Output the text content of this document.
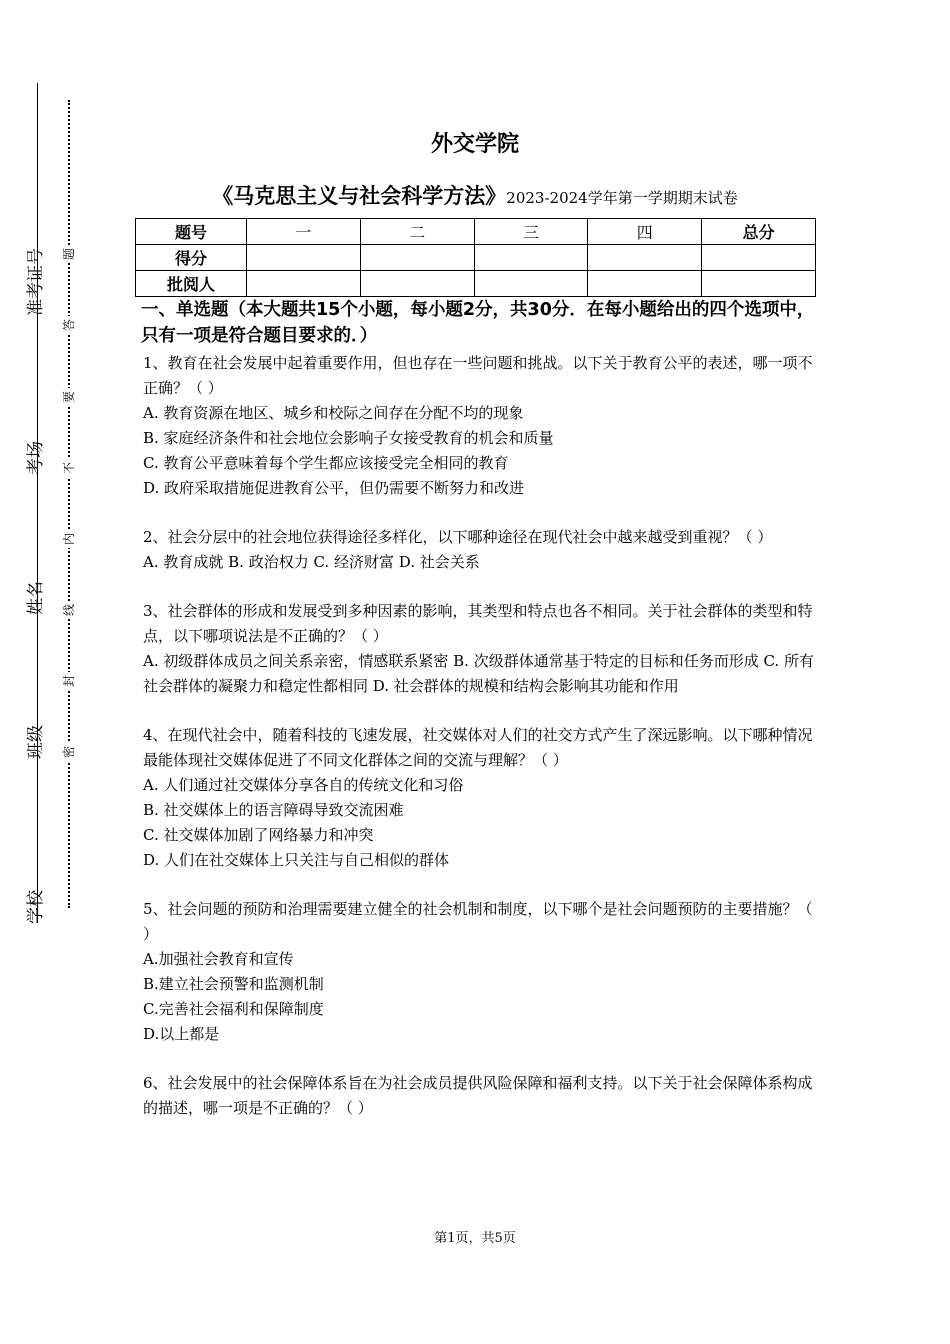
准考证号
考场
姓名
班级
学校
题
答
要
不
内
线
封
密
外交学院
《马克思主义与社会科学方法》2023-2024学年第一学期期末试卷
题号	一	二	三	四	总分
得分					
批阅人					
一、单选题（本大题共15个小题，每小题2分，共30分．在每小题给出的四个选项中，只有一项是符合题目要求的．）

1、教育在社会发展中起着重要作用，但也存在一些问题和挑战。以下关于教育公平的表述，哪一项不正确？（ ）

A. 教育资源在地区、城乡和校际之间存在分配不均的现象

B. 家庭经济条件和社会地位会影响子女接受教育的机会和质量

C. 教育公平意味着每个学生都应该接受完全相同的教育

D. 政府采取措施促进教育公平，但仍需要不断努力和改进

2、社会分层中的社会地位获得途径多样化，以下哪种途径在现代社会中越来越受到重视？（ ）

A. 教育成就 B. 政治权力 C. 经济财富 D. 社会关系

3、社会群体的形成和发展受到多种因素的影响，其类型和特点也各不相同。关于社会群体的类型和特点，以下哪项说法是不正确的？（ ）

A. 初级群体成员之间关系亲密，情感联系紧密 B. 次级群体通常基于特定的目标和任务而形成 C. 所有社会群体的凝聚力和稳定性都相同 D. 社会群体的规模和结构会影响其功能和作用

4、在现代社会中，随着科技的飞速发展，社交媒体对人们的社交方式产生了深远影响。以下哪种情况最能体现社交媒体促进了不同文化群体之间的交流与理解？（ ）

A. 人们通过社交媒体分享各自的传统文化和习俗

B. 社交媒体上的语言障碍导致交流困难

C. 社交媒体加剧了网络暴力和冲突

D. 人们在社交媒体上只关注与自己相似的群体

5、社会问题的预防和治理需要建立健全的社会机制和制度，以下哪个是社会问题预防的主要措施？（ ）

A.加强社会教育和宣传

B.建立社会预警和监测机制

C.完善社会福利和保障制度

D.以上都是

6、社会发展中的社会保障体系旨在为社会成员提供风险保障和福利支持。以下关于社会保障体系构成的描述，哪一项是不正确的？（ ）

第1页，共5页
